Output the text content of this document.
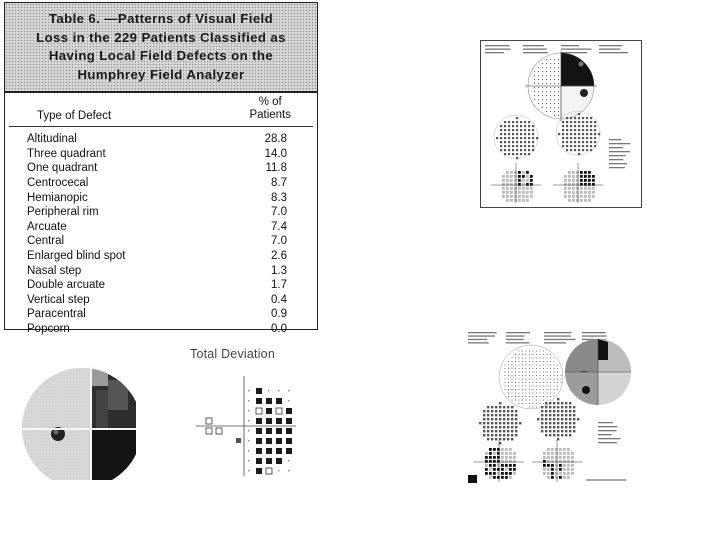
Table 6. —Patterns of Visual Field
Loss in the 229 Patients Classified as
Having Local Field Defects on the
Humphrey Field Analyzer
Type of Defect
% of
Patients
Altitudinal	28.8
Three quadrant	14.0
One quadrant	11.8
Centrocecal	8.7
Hemianopic	8.3
Peripheral rim	7.0
Arcuate	7.4
Central	7.0
Enlarged blind spot	2.6
Nasal step	1.3
Double arcuate	1.7
Vertical step	0.4
Paracentral	0.9
Popcorn	0.0
Total Deviation
